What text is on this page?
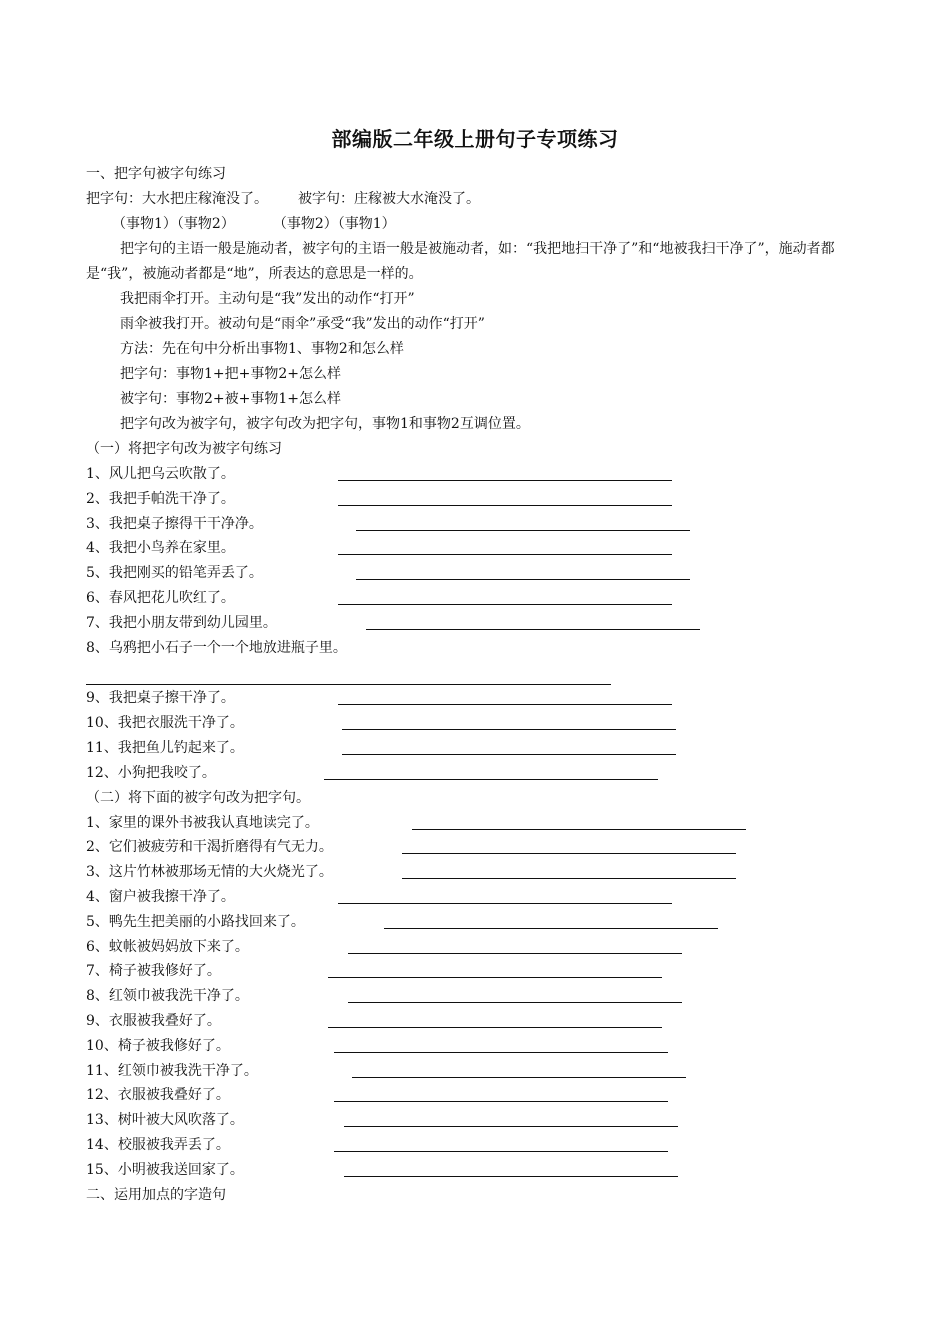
部编版二年级上册句子专项练习
一、把字句被字句练习
把字句：大水把庄稼淹没了。 被字句：庄稼被大水淹没了。
（事物1）（事物2）	（事物2）（事物1）
把字句的主语一般是施动者，被字句的主语一般是被施动者，如：“我把地扫干净了”和“地被我扫干净了”，施动者都是“我”，被施动者都是“地”，所表达的意思是一样的。
我把雨伞打开。主动句是“我”发出的动作“打开”
雨伞被我打开。被动句是“雨伞”承受“我”发出的动作“打开”
方法：先在句中分析出事物1、事物2和怎么样
把字句：事物1+把+事物2+怎么样
被字句：事物2+被+事物1+怎么样
把字句改为被字句，被字句改为把字句，事物1和事物2互调位置。
（一）将把字句改为被字句练习
1、风儿把乌云吹散了。
2、我把手帕洗干净了。
3、我把桌子擦得干干净净。
4、我把小鸟养在家里。
5、我把刚买的铅笔弄丢了。
6、春风把花儿吹红了。
7、我把小朋友带到幼儿园里。
8、乌鸦把小石子一个一个地放进瓶子里。
9、我把桌子擦干净了。
10、我把衣服洗干净了。
11、我把鱼儿钓起来了。
12、小狗把我咬了。
（二）将下面的被字句改为把字句。
1、家里的课外书被我认真地读完了。
2、它们被疲劳和干渴折磨得有气无力。
3、这片竹林被那场无情的大火烧光了。
4、窗户被我擦干净了。
5、鸭先生把美丽的小路找回来了。
6、蚊帐被妈妈放下来了。
7、椅子被我修好了。
8、红领巾被我洗干净了。
9、衣服被我叠好了。
10、椅子被我修好了。
11、红领巾被我洗干净了。
12、衣服被我叠好了。
13、树叶被大风吹落了。
14、校服被我弄丢了。
15、小明被我送回家了。
二、运用加点的字造句
